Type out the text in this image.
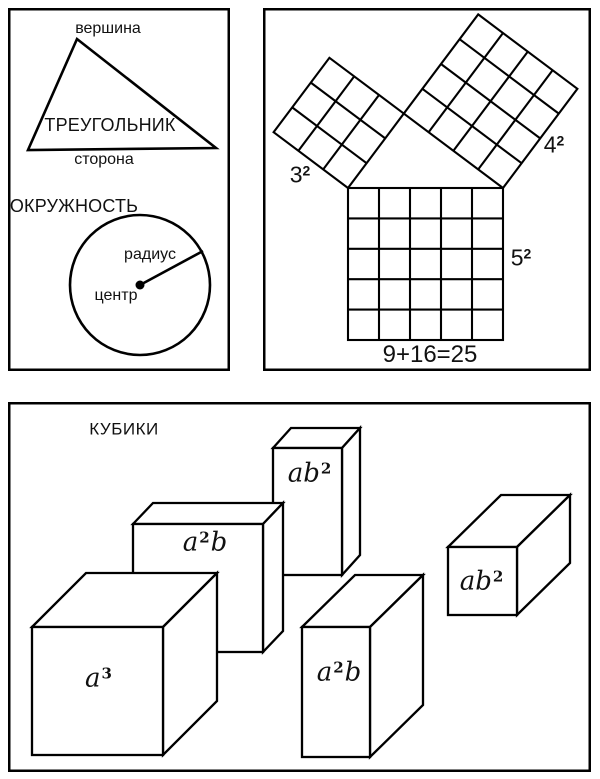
вершина
ТРЕУГОЛЬНИК
сторона
ОКРУЖНОСТЬ
радиус
центр
$3^2$
$4^2$
$5^2$
9+16=25
КУБИКИ
$a^3$
$a^2b$
$ab^2$
$a^2b$
$ab^2$
